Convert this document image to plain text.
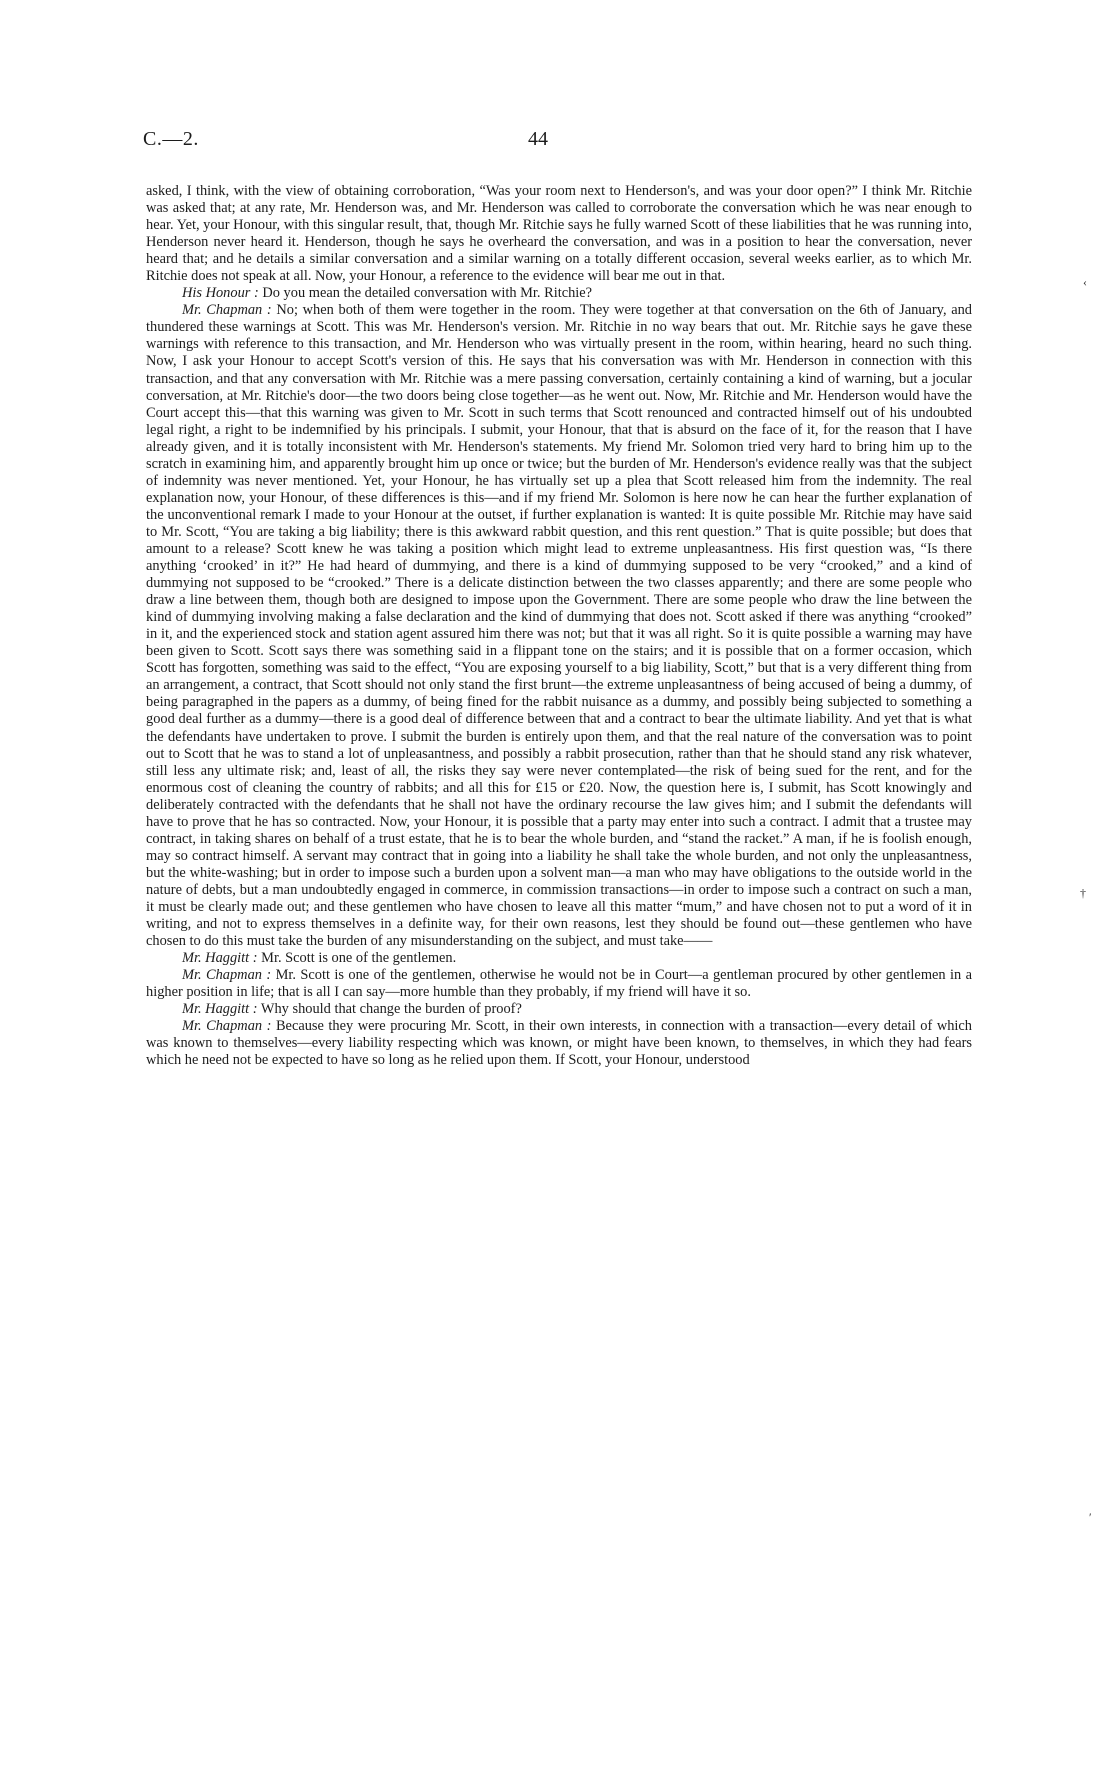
C.—2.	44

asked, I think, with the view of obtaining corroboration, “Was your room next to Henderson's, and was your door open?” I think Mr. Ritchie was asked that; at any rate, Mr. Henderson was, and Mr. Henderson was called to corroborate the conversation which he was near enough to hear. Yet, your Honour, with this singular result, that, though Mr. Ritchie says he fully warned Scott of these liabilities that he was running into, Henderson never heard it. Henderson, though he says he overheard the conversation, and was in a position to hear the conversation, never heard that; and he details a similar conversation and a similar warning on a totally different occasion, several weeks earlier, as to which Mr. Ritchie does not speak at all. Now, your Honour, a reference to the evidence will bear me out in that.

His Honour : Do you mean the detailed conversation with Mr. Ritchie?

Mr. Chapman : No; when both of them were together in the room. They were together at that conversation on the 6th of January, and thundered these warnings at Scott. This was Mr. Henderson's version. Mr. Ritchie in no way bears that out. Mr. Ritchie says he gave these warnings with reference to this transaction, and Mr. Henderson who was virtually present in the room, within hearing, heard no such thing. Now, I ask your Honour to accept Scott's version of this. He says that his conversation was with Mr. Henderson in connection with this transaction, and that any conversation with Mr. Ritchie was a mere passing conversation, certainly containing a kind of warning, but a jocular conversation, at Mr. Ritchie's door—the two doors being close together—as he went out. Now, Mr. Ritchie and Mr. Henderson would have the Court accept this—that this warning was given to Mr. Scott in such terms that Scott renounced and contracted himself out of his undoubted legal right, a right to be indemnified by his principals. I submit, your Honour, that that is absurd on the face of it, for the reason that I have already given, and it is totally inconsistent with Mr. Henderson's statements. My friend Mr. Solomon tried very hard to bring him up to the scratch in examining him, and apparently brought him up once or twice; but the burden of Mr. Henderson's evidence really was that the subject of indemnity was never mentioned. Yet, your Honour, he has virtually set up a plea that Scott released him from the indemnity. The real explanation now, your Honour, of these differences is this—and if my friend Mr. Solomon is here now he can hear the further explanation of the unconventional remark I made to your Honour at the outset, if further explanation is wanted: It is quite possible Mr. Ritchie may have said to Mr. Scott, “You are taking a big liability; there is this awkward rabbit question, and this rent question.” That is quite possible; but does that amount to a release? Scott knew he was taking a position which might lead to extreme unpleasantness. His first question was, “Is there anything ‘crooked’ in it?” He had heard of dummying, and there is a kind of dummying supposed to be very “crooked,” and a kind of dummying not supposed to be “crooked.” There is a delicate distinction between the two classes apparently; and there are some people who draw a line between them, though both are designed to impose upon the Government. There are some people who draw the line between the kind of dummying involving making a false declaration and the kind of dummying that does not. Scott asked if there was anything “crooked” in it, and the experienced stock and station agent assured him there was not; but that it was all right. So it is quite possible a warning may have been given to Scott. Scott says there was something said in a flippant tone on the stairs; and it is possible that on a former occasion, which Scott has forgotten, something was said to the effect, “You are exposing yourself to a big liability, Scott,” but that is a very different thing from an arrangement, a contract, that Scott should not only stand the first brunt—the extreme unpleasantness of being accused of being a dummy, of being paragraphed in the papers as a dummy, of being fined for the rabbit nuisance as a dummy, and possibly being subjected to something a good deal further as a dummy—there is a good deal of difference between that and a contract to bear the ultimate liability. And yet that is what the defendants have undertaken to prove. I submit the burden is entirely upon them, and that the real nature of the conversation was to point out to Scott that he was to stand a lot of unpleasantness, and possibly a rabbit prosecution, rather than that he should stand any risk whatever, still less any ultimate risk; and, least of all, the risks they say were never contemplated—the risk of being sued for the rent, and for the enormous cost of cleaning the country of rabbits; and all this for £15 or £20. Now, the question here is, I submit, has Scott knowingly and deliberately contracted with the defendants that he shall not have the ordinary recourse the law gives him; and I submit the defendants will have to prove that he has so contracted. Now, your Honour, it is possible that a party may enter into such a contract. I admit that a trustee may contract, in taking shares on behalf of a trust estate, that he is to bear the whole burden, and “stand the racket.” A man, if he is foolish enough, may so contract himself. A servant may contract that in going into a liability he shall take the whole burden, and not only the unpleasantness, but the white-washing; but in order to impose such a burden upon a solvent man—a man who may have obligations to the outside world in the nature of debts, but a man undoubtedly engaged in commerce, in commission transactions—in order to impose such a contract on such a man, it must be clearly made out; and these gentlemen who have chosen to leave all this matter “mum,” and have chosen not to put a word of it in writing, and not to express themselves in a definite way, for their own reasons, lest they should be found out—these gentlemen who have chosen to do this must take the burden of any misunderstanding on the subject, and must take——

Mr. Haggitt : Mr. Scott is one of the gentlemen.

Mr. Chapman : Mr. Scott is one of the gentlemen, otherwise he would not be in Court—a gentleman procured by other gentlemen in a higher position in life; that is all I can say—more humble than they probably, if my friend will have it so.

Mr. Haggitt : Why should that change the burden of proof?

Mr. Chapman : Because they were procuring Mr. Scott, in their own interests, in connection with a transaction—every detail of which was known to themselves—every liability respecting which was known, or might have been known, to themselves, in which they had fears which he need not be expected to have so long as he relied upon them. If Scott, your Honour, understood

‹
†
′
